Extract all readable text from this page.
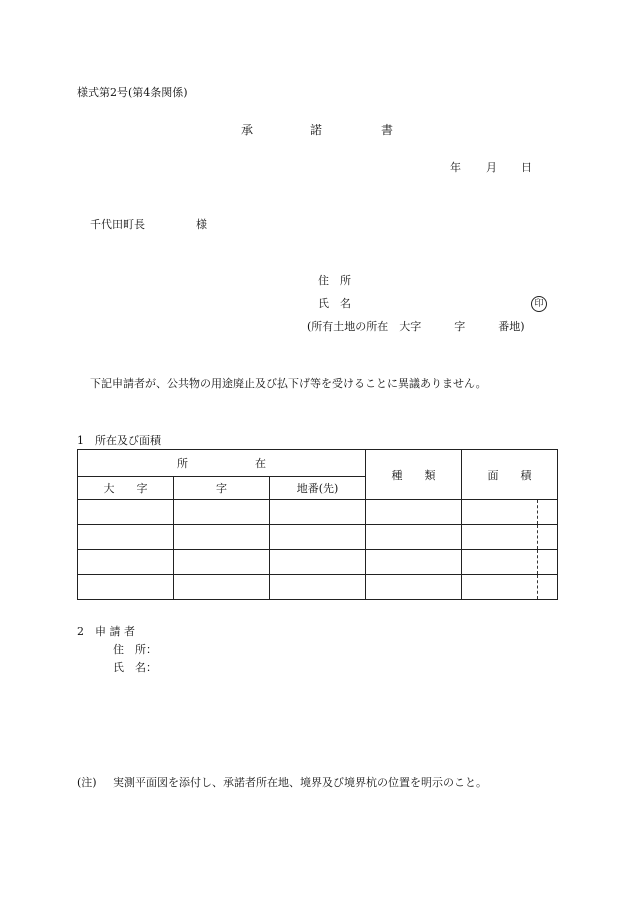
様式第2号(第4条関係)
承	諾	書
年 月 日
千代田町長	様
住　所
氏　名	印
(所有土地の所在　大字　　　字　　　番地)
下記申請者が、公共物の用途廃止及び払下げ等を受けることに異議ありません。
1　所在及び面積
所 在			種　　類	面　　積
大　　字	字	地番(先)		

2　申 請 者
住　所：
氏　名：
(注) 実測平面図を添付し、承諾者所在地、境界及び境界杭の位置を明示のこと。
